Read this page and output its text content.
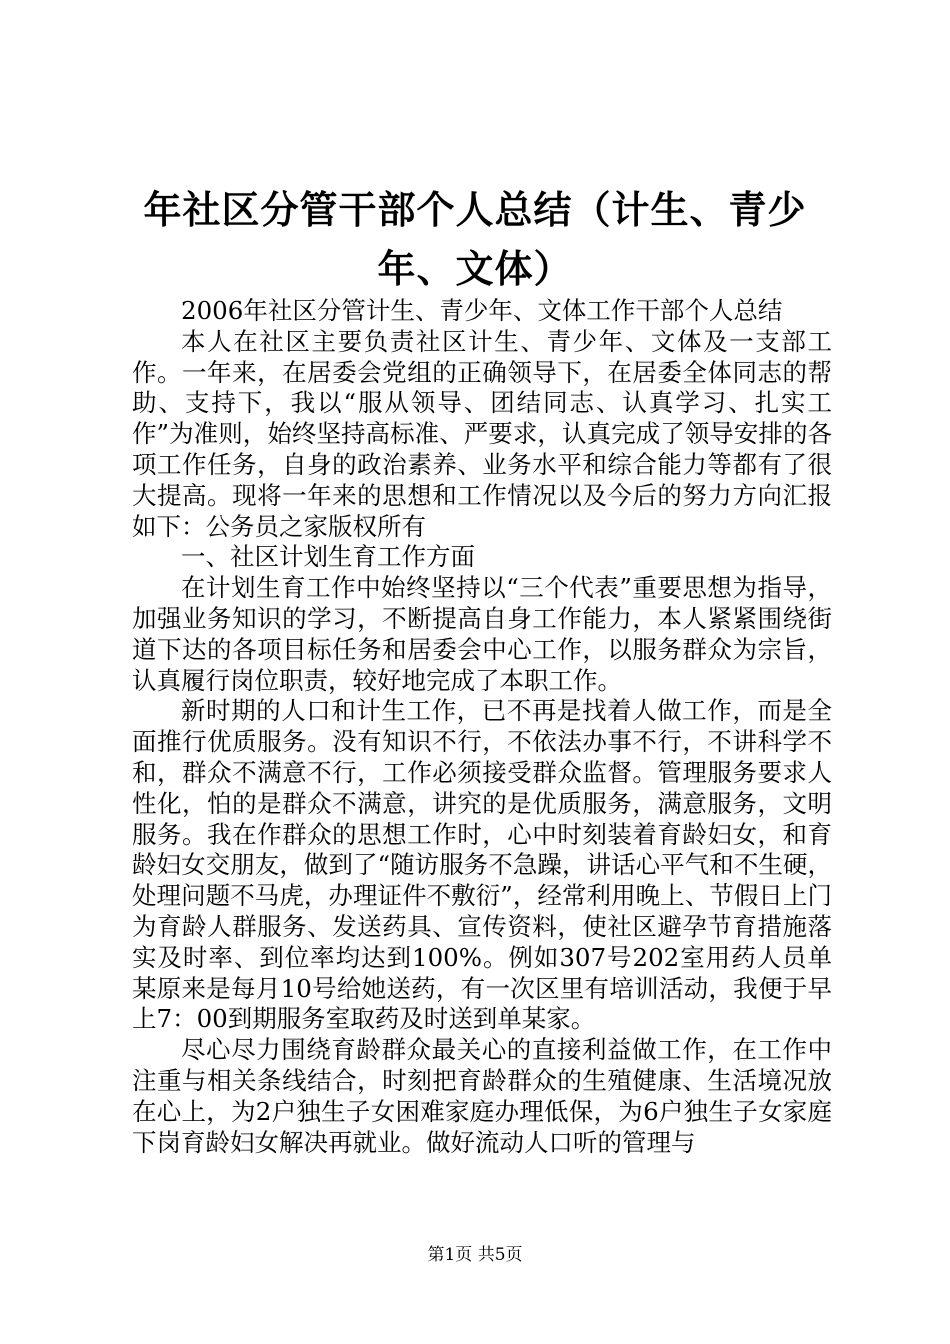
年社区分管干部个人总结（计生、青少年、文体）

2006年社区分管计生、青少年、文体工作干部个人总结

本人在社区主要负责社区计生、青少年、文体及一支部工作。一年来，在居委会党组的正确领导下，在居委全体同志的帮助、支持下，我以“服从领导、团结同志、认真学习、扎实工作”为准则，始终坚持高标准、严要求，认真完成了领导安排的各项工作任务，自身的政治素养、业务水平和综合能力等都有了很大提高。现将一年来的思想和工作情况以及今后的努力方向汇报如下：公务员之家版权所有

一、社区计划生育工作方面

在计划生育工作中始终坚持以“三个代表”重要思想为指导，加强业务知识的学习，不断提高自身工作能力，本人紧紧围绕街道下达的各项目标任务和居委会中心工作，以服务群众为宗旨，认真履行岗位职责，较好地完成了本职工作。

新时期的人口和计生工作，已不再是找着人做工作，而是全面推行优质服务。没有知识不行，不依法办事不行，不讲科学不和，群众不满意不行，工作必须接受群众监督。管理服务要求人性化，怕的是群众不满意，讲究的是优质服务，满意服务，文明服务。我在作群众的思想工作时，心中时刻装着育龄妇女，和育龄妇女交朋友，做到了“随访服务不急躁，讲话心平气和不生硬，处理问题不马虎，办理证件不敷衍”，经常利用晚上、节假日上门为育龄人群服务、发送药具、宣传资料，使社区避孕节育措施落实及时率、到位率均达到100%。例如307号202室用药人员单某原来是每月10号给她送药，有一次区里有培训活动，我便于早上7：00到期服务室取药及时送到单某家。

尽心尽力围绕育龄群众最关心的直接利益做工作，在工作中注重与相关条线结合，时刻把育龄群众的生殖健康、生活境况放在心上，为2户独生子女困难家庭办理低保，为6户独生子女家庭下岗育龄妇女解决再就业。做好流动人口听的管理与

第1页 共5页
